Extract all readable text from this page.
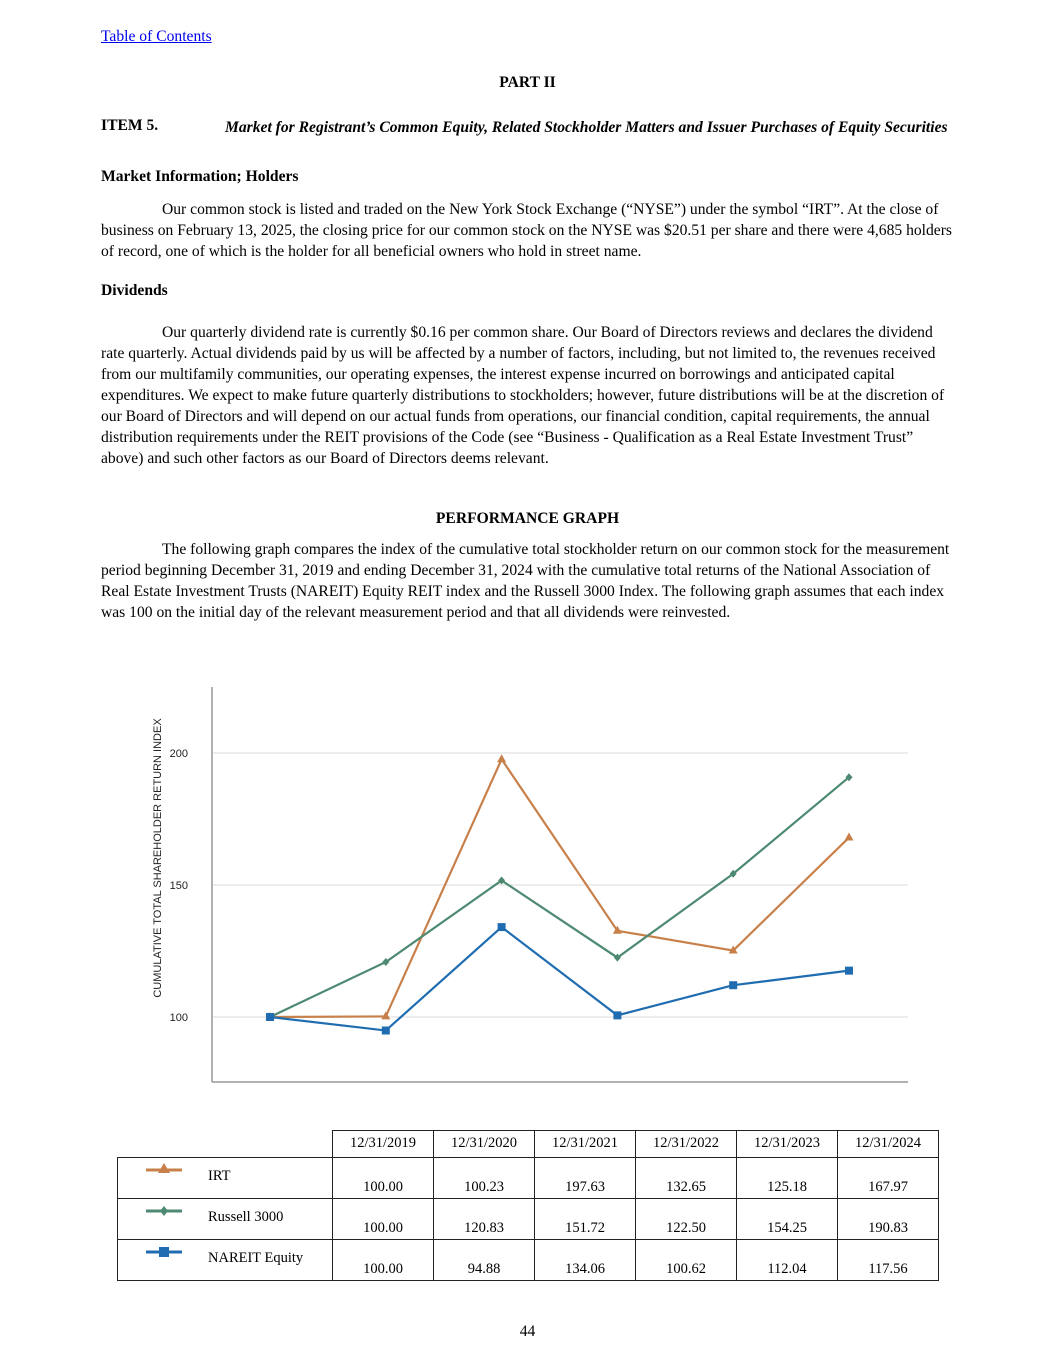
Table of Contents
PART II
ITEM 5.	Market for Registrant’s Common Equity, Related Stockholder Matters and Issuer Purchases of Equity Securities
Market Information; Holders

Our common stock is listed and traded on the New York Stock Exchange (“NYSE”) under the symbol “IRT”. At the close of business on February 13, 2025, the closing price for our common stock on the NYSE was $20.51 per share and there were 4,685 holders of record, one of which is the holder for all beneficial owners who hold in street name.

Dividends

Our quarterly dividend rate is currently $0.16 per common share. Our Board of Directors reviews and declares the dividend rate quarterly. Actual dividends paid by us will be affected by a number of factors, including, but not limited to, the revenues received from our multifamily communities, our operating expenses, the interest expense incurred on borrowings and anticipated capital expenditures. We expect to make future quarterly distributions to stockholders; however, future distributions will be at the discretion of our Board of Directors and will depend on our actual funds from operations, our financial condition, capital requirements, the annual distribution requirements under the REIT provisions of the Code (see “Business - Qualification as a Real Estate Investment Trust” above) and such other factors as our Board of Directors deems relevant.

PERFORMANCE GRAPH

The following graph compares the index of the cumulative total stockholder return on our common stock for the measurement period beginning December 31, 2019 and ending December 31, 2024 with the cumulative total returns of the National Association of Real Estate Investment Trusts (NAREIT) Equity REIT index and the Russell 3000 Index. The following graph assumes that each index was 100 on the initial day of the relevant measurement period and that all dividends were reinvested.

CUMULATIVE TOTAL SHAREHOLDER RETURN INDEX
100
150
200
	12/31/2019	12/31/2020	12/31/2021	12/31/2022	12/31/2023	12/31/2024

IRT	100.00	100.23	197.63	132.65	125.18	167.97

Russell 3000	100.00	120.83	151.72	122.50	154.25	190.83

NAREIT Equity	100.00	94.88	134.06	100.62	112.04	117.56
44
